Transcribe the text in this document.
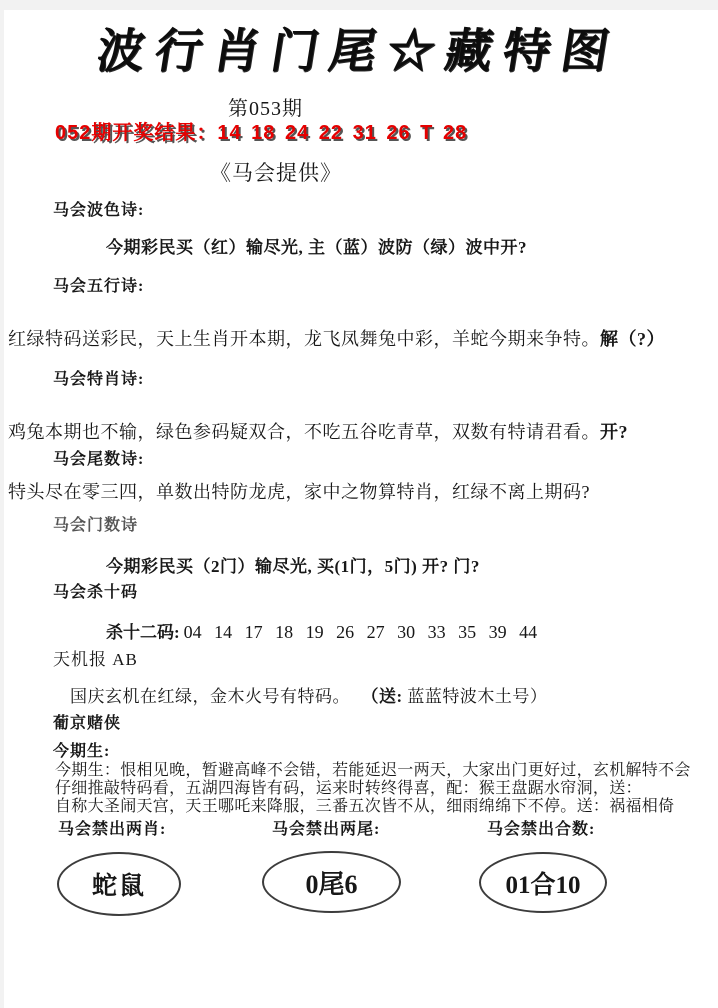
波行肖门尾☆藏特图
第053期
052期开奖结果：14 18 24 22 31 26 T 28
《马会提供》
马会波色诗:
今期彩民买（红）输尽光, 主（蓝）波防（绿）波中开?
马会五行诗:
红绿特码送彩民，天上生肖开本期，龙飞凤舞兔中彩，羊蛇今期来争特。解（?）
马会特肖诗:
鸡兔本期也不输，绿色参码疑双合，不吃五谷吃青草，双数有特请君看。开?
马会尾数诗:
特头尽在零三四，单数出特防龙虎，家中之物算特肖，红绿不离上期码?
马会门数诗
今期彩民买（2门）输尽光, 买(1门，5门) 开? 门?
马会杀十码
杀十二码: 04 14 17 18 19 26 27 30 33 35 39 44
天机报 AB
国庆玄机在红绿，金木火号有特码。 （送: 蓝蓝特波木土号）
葡京赌侠
今期生:
今期生：恨相见晚，暂避高峰不会错，若能延迟一两天，大家出门更好过，玄机解特不会
仔细推敲特码看，五湖四海皆有码，运来时转终得喜，配：猴王盘踞水帘洞，送：
自称大圣闹天宫，天王哪吒来降服，三番五次皆不从，细雨绵绵下不停。送：祸福相倚
马会禁出两肖:	马会禁出两尾:	马会禁出合数:
蛇鼠	0尾6	01合10
